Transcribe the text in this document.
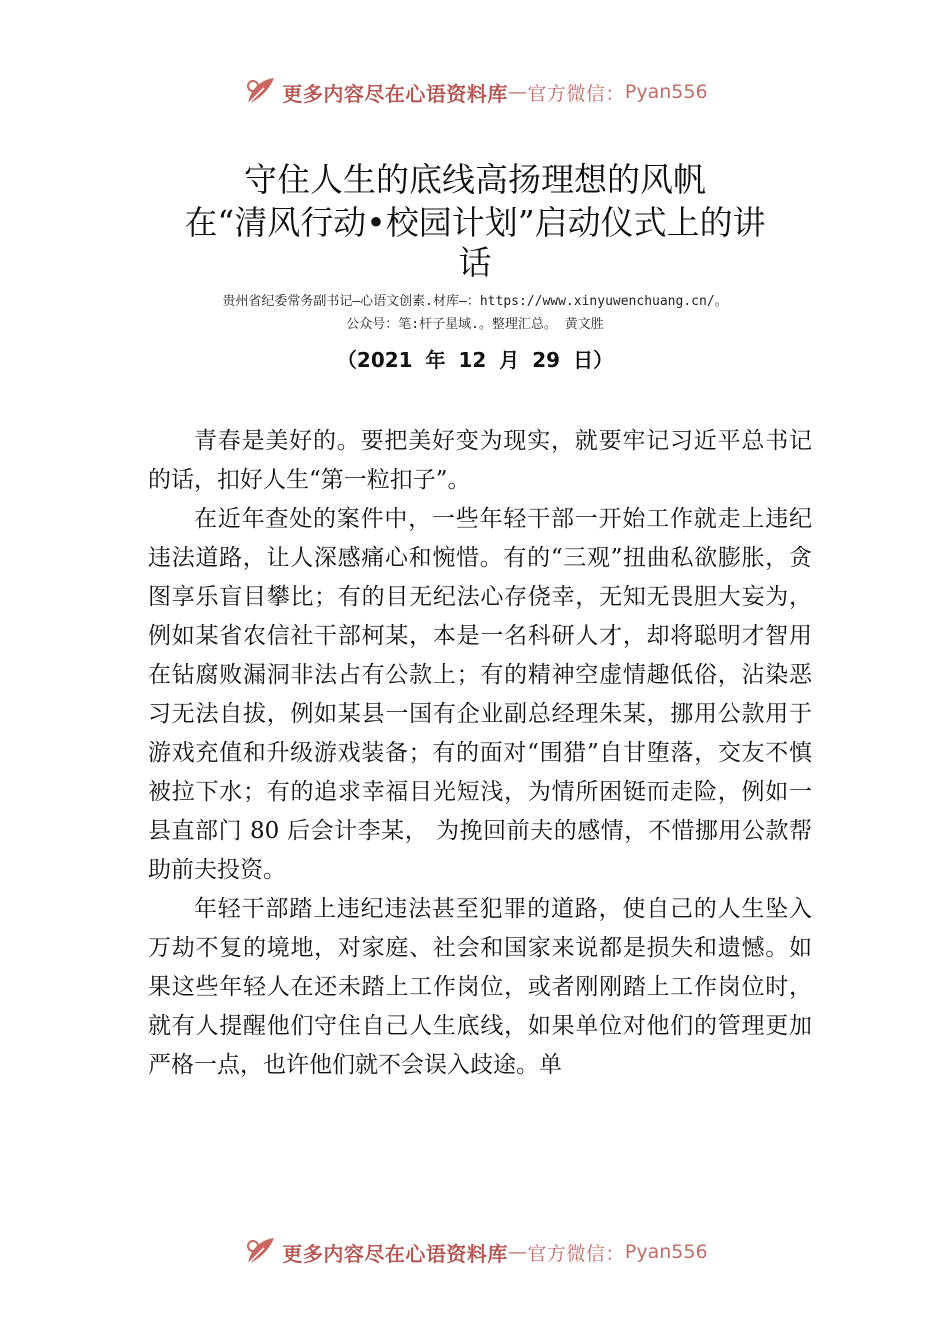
更多内容尽在心语资料库 — 官方微信： Pyan556
守住人生的底线高扬理想的风帆
在“清风行动•校园计划”启动仪式上的讲
话
贵州省纪委常务副书记—心语文创素.材库—：https://www.xinyuwenchuang.cn/。
公众号：笔:杆子星域.。整理汇总。 黄文胜
（2021 年 12 月 29 日）

青春是美好的。要把美好变为现实，就要牢记习近平总书记的话，扣好人生“第一粒扣子”。

在近年查处的案件中，一些年轻干部一开始工作就走上违纪违法道路，让人深感痛心和惋惜。有的“三观”扭曲私欲膨胀，贪图享乐盲目攀比；有的目无纪法心存侥幸，无知无畏胆大妄为，例如某省农信社干部柯某，本是一名科研人才，却将聪明才智用在钻腐败漏洞非法占有公款上；有的精神空虚情趣低俗，沾染恶习无法自拔，例如某县一国有企业副总经理朱某，挪用公款用于游戏充值和升级游戏装备；有的面对“围猎”自甘堕落，交友不慎被拉下水；有的追求幸福目光短浅，为情所困铤而走险，例如一县直部门 80 后会计李某， 为挽回前夫的感情，不惜挪用公款帮助前夫投资。

年轻干部踏上违纪违法甚至犯罪的道路，使自己的人生坠入万劫不复的境地，对家庭、社会和国家来说都是损失和遗憾。如果这些年轻人在还未踏上工作岗位，或者刚刚踏上工作岗位时，就有人提醒他们守住自己人生底线，如果单位对他们的管理更加严格一点，也许他们就不会误入歧途。单

更多内容尽在心语资料库 — 官方微信： Pyan556
